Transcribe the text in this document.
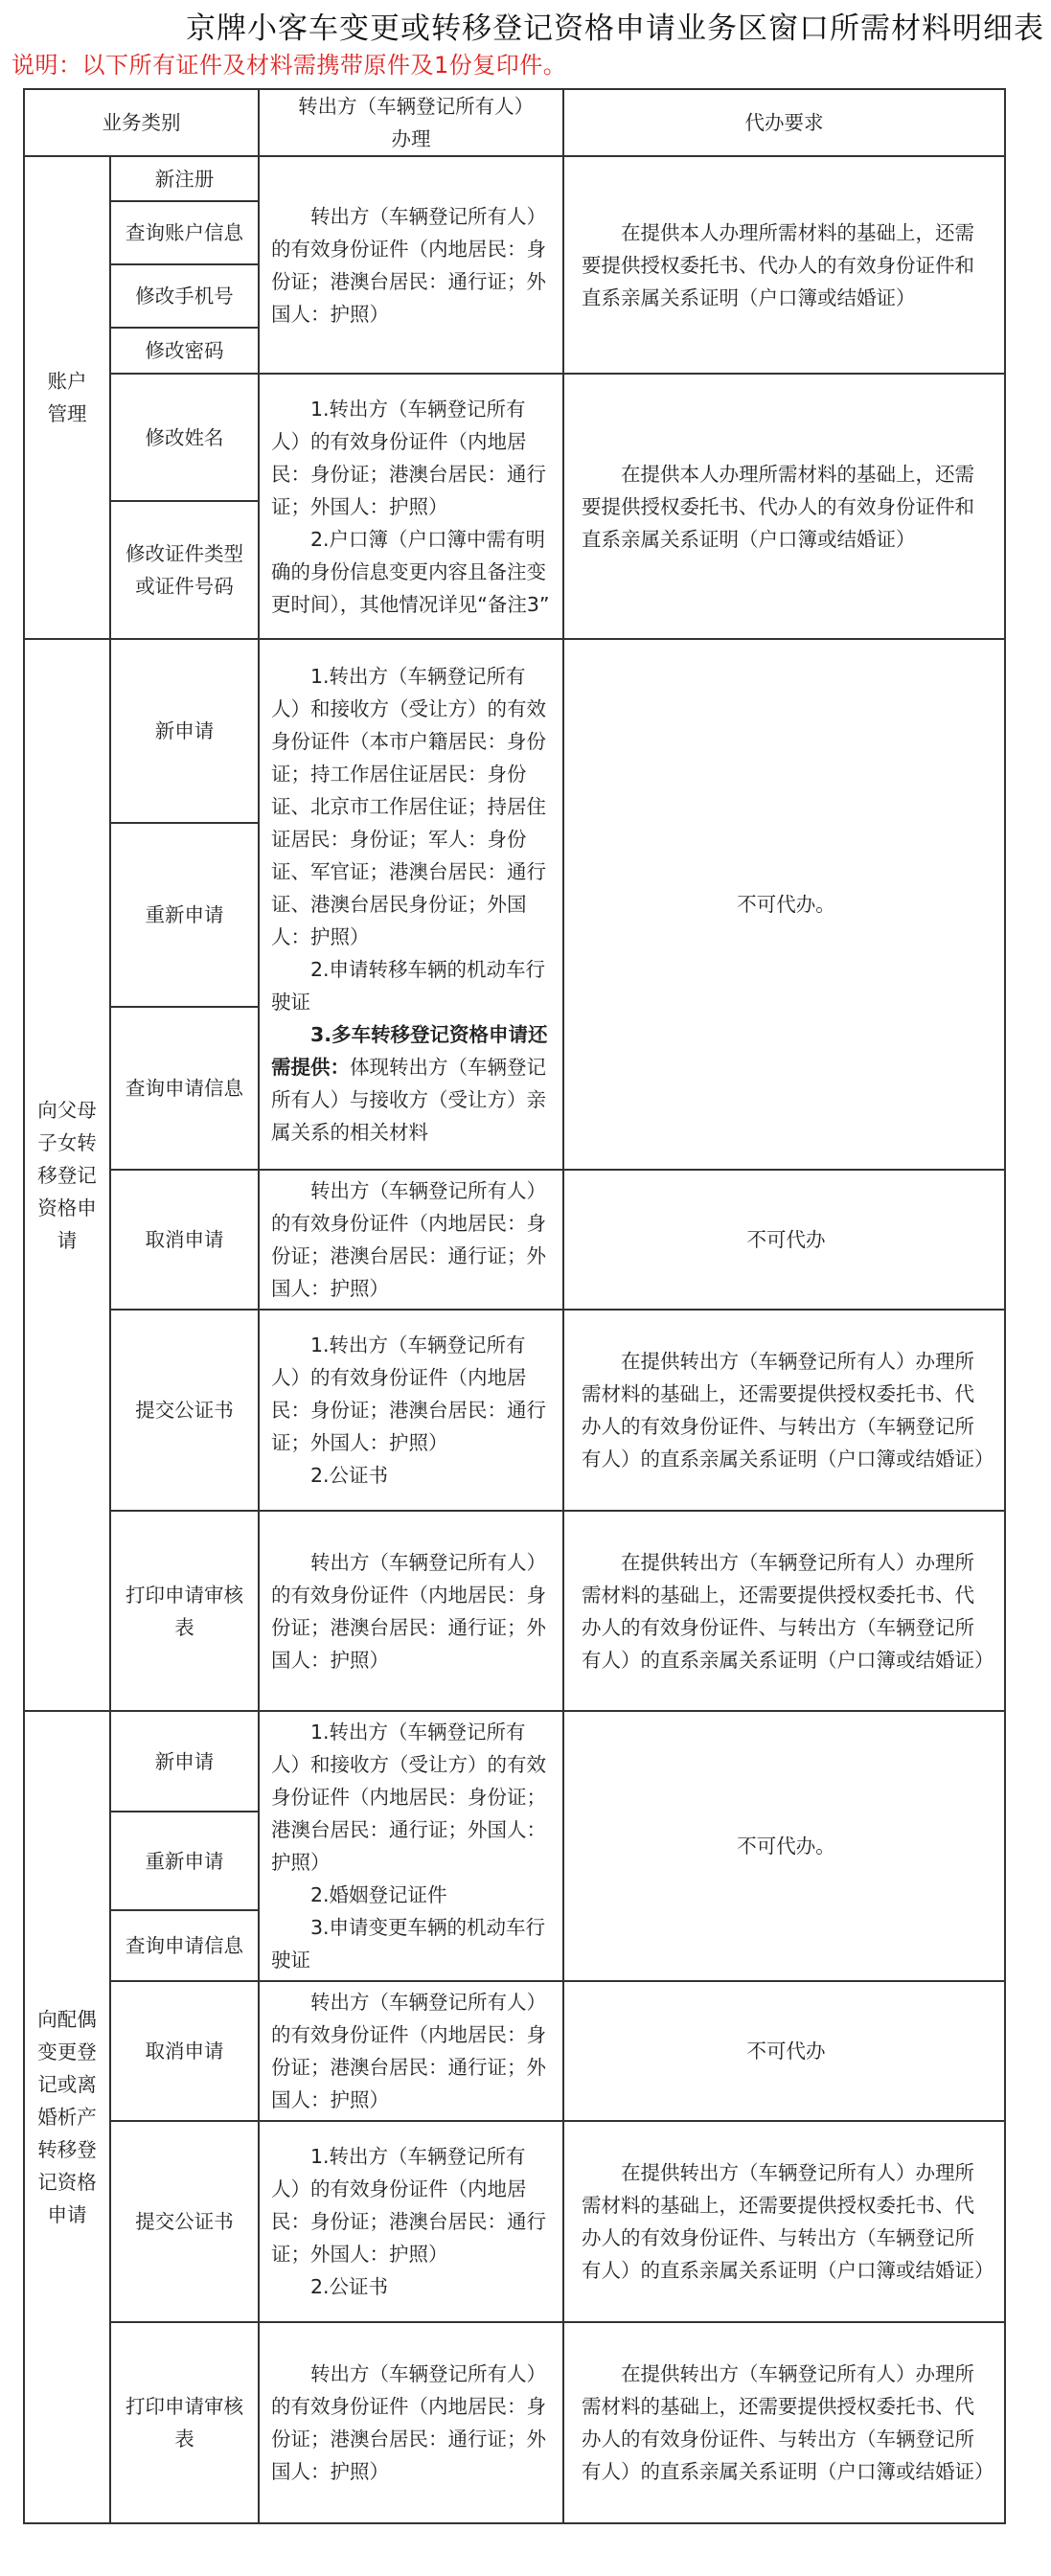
京牌小客车变更或转移登记资格申请业务区窗口所需材料明细表
说明：以下所有证件及材料需携带原件及1份复印件。
业务类别		转出方（车辆登记所有人）办理	代办要求
账户管理	新注册	转出方（车辆登记所有人）的有效身份证件（内地居民：身份证；港澳台居民：通行证；外国人：护照）	在提供本人办理所需材料的基础上，还需要提供授权委托书、代办人的有效身份证件和直系亲属关系证明（户口簿或结婚证）

	查询账户信息		
	修改手机号		
	修改密码		
	修改姓名	1.转出方（车辆登记所有人）的有效身份证件（内地居民：身份证；港澳台居民：通行证；外国人：护照）

2.户口簿（户口簿中需有明确的身份信息变更内容且备注变更时间），其他情况详见“备注3”	在提供本人办理所需材料的基础上，还需要提供授权委托书、代办人的有效身份证件和直系亲属关系证明（户口簿或结婚证）

	修改证件类型或证件号码		
向父母子女转移登记资格申请	新申请	1.转出方（车辆登记所有人）和接收方（受让方）的有效身份证件（本市户籍居民：身份证；持工作居住证居民：身份证、北京市工作居住证；持居住证居民：身份证；军人：身份证、军官证；港澳台居民：通行证、港澳台居民身份证；外国人：护照）

2.申请转移车辆的机动车行驶证

3.多车转移登记资格申请还需提供：体现转出方（车辆登记所有人）与接收方（受让方）亲属关系的相关材料	不可代办。

	重新申请		
	查询申请信息		
	取消申请	转出方（车辆登记所有人）的有效身份证件（内地居民：身份证；港澳台居民：通行证；外国人：护照）	不可代办

	提交公证书	1.转出方（车辆登记所有人）的有效身份证件（内地居民：身份证；港澳台居民：通行证；外国人：护照）

2.公证书	在提供转出方（车辆登记所有人）办理所需材料的基础上，还需要提供授权委托书、代办人的有效身份证件、与转出方（车辆登记所有人）的直系亲属关系证明（户口簿或结婚证）

	打印申请审核表	转出方（车辆登记所有人）的有效身份证件（内地居民：身份证；港澳台居民：通行证；外国人：护照）	在提供转出方（车辆登记所有人）办理所需材料的基础上，还需要提供授权委托书、代办人的有效身份证件、与转出方（车辆登记所有人）的直系亲属关系证明（户口簿或结婚证）

向配偶变更登记或离婚析产转移登记资格申请	新申请	1.转出方（车辆登记所有人）和接收方（受让方）的有效身份证件（内地居民：身份证；港澳台居民：通行证；外国人：护照）

2.婚姻登记证件

3.申请变更车辆的机动车行驶证	不可代办。

	重新申请		
	查询申请信息		
	取消申请	转出方（车辆登记所有人）的有效身份证件（内地居民：身份证；港澳台居民：通行证；外国人：护照）	不可代办

	提交公证书	1.转出方（车辆登记所有人）的有效身份证件（内地居民：身份证；港澳台居民：通行证；外国人：护照）

2.公证书	在提供转出方（车辆登记所有人）办理所需材料的基础上，还需要提供授权委托书、代办人的有效身份证件、与转出方（车辆登记所有人）的直系亲属关系证明（户口簿或结婚证）

	打印申请审核表	转出方（车辆登记所有人）的有效身份证件（内地居民：身份证；港澳台居民：通行证；外国人：护照）	在提供转出方（车辆登记所有人）办理所需材料的基础上，还需要提供授权委托书、代办人的有效身份证件、与转出方（车辆登记所有人）的直系亲属关系证明（户口簿或结婚证）
